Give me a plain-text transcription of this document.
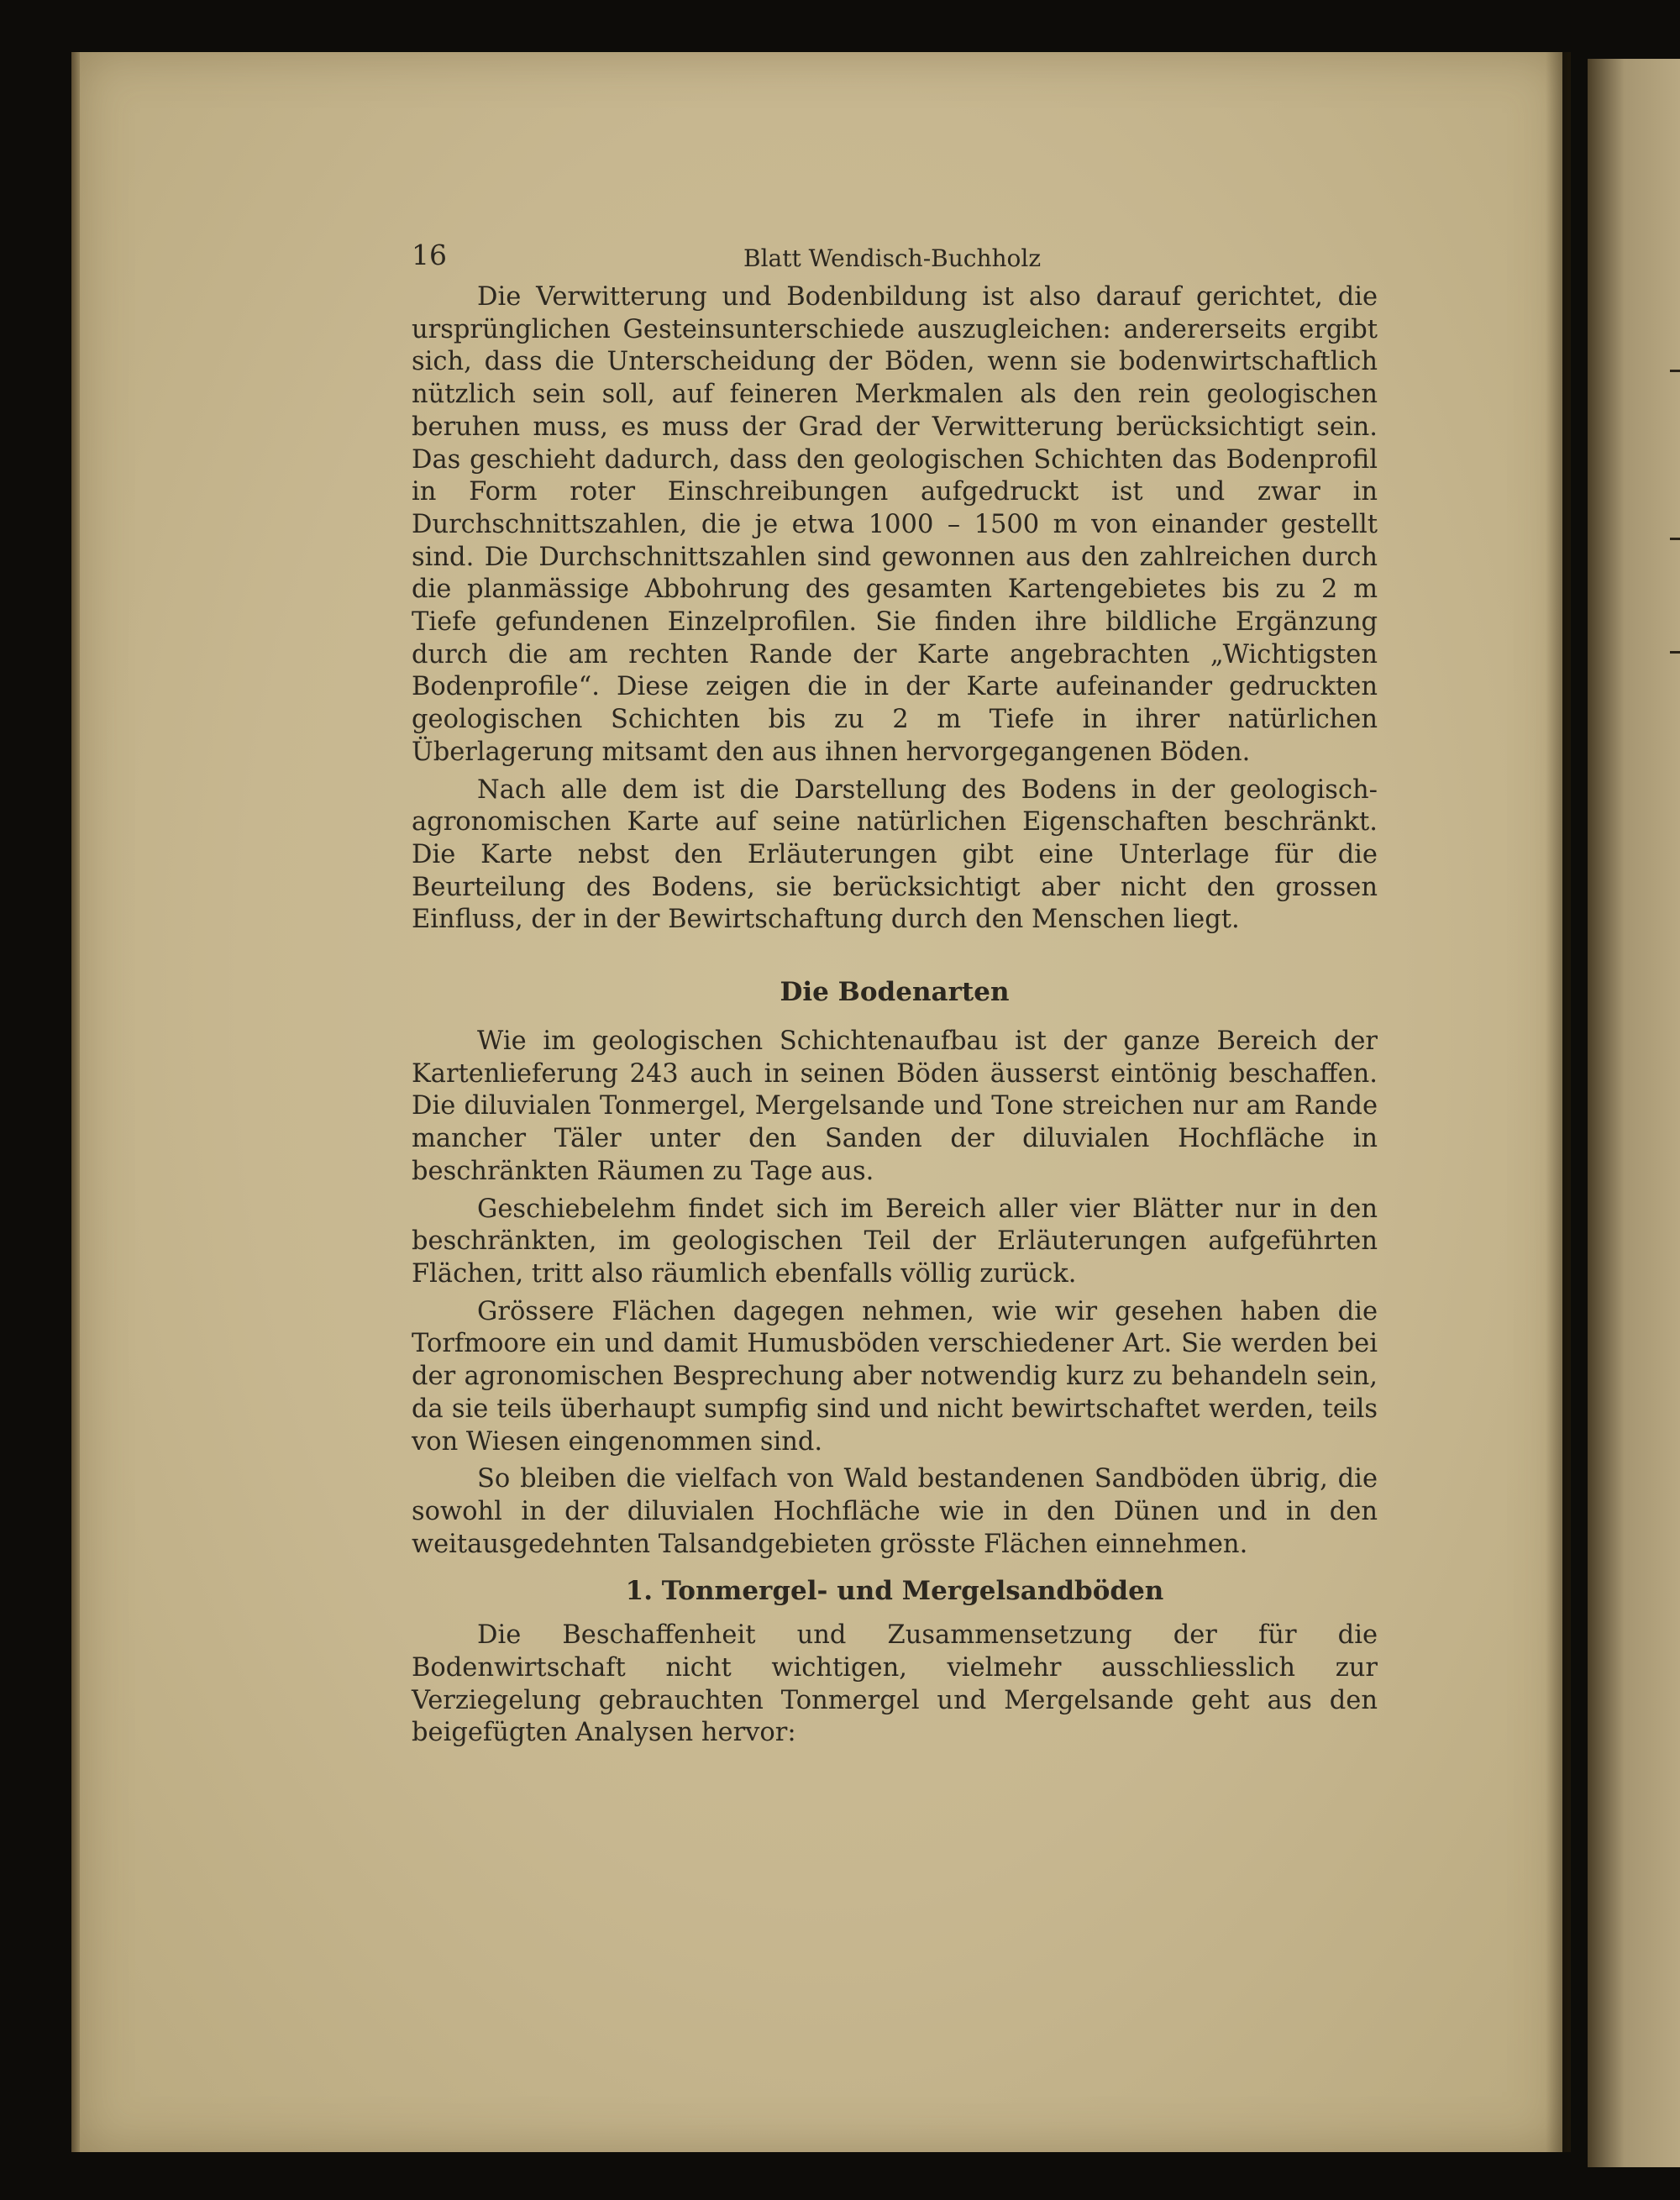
16	Blatt Wendisch-Buchholz

Die Verwitterung und Bodenbildung ist also darauf gerichtet, die ursprünglichen Gesteinsunterschiede auszugleichen: andererseits ergibt sich, dass die Unterscheidung der Böden, wenn sie bodenwirtschaftlich nützlich sein soll, auf feineren Merkmalen als den rein geologischen beruhen muss, es muss der Grad der Verwitterung berücksichtigt sein. Das geschieht dadurch, dass den geologischen Schichten das Bodenprofil in Form roter Einschreibungen aufgedruckt ist und zwar in Durchschnittszahlen, die je etwa 1000 – 1500 m von einander gestellt sind. Die Durchschnittszahlen sind gewonnen aus den zahlreichen durch die planmässige Abbohrung des gesamten Kartengebietes bis zu 2 m Tiefe gefundenen Einzelprofilen. Sie finden ihre bildliche Ergänzung durch die am rechten Rande der Karte angebrachten „Wichtigsten Bodenprofile“. Diese zeigen die in der Karte aufeinander gedruckten geologischen Schichten bis zu 2 m Tiefe in ihrer natürlichen Überlagerung mitsamt den aus ihnen hervorgegangenen Böden.

Nach alle dem ist die Darstellung des Bodens in der geologisch-agronomischen Karte auf seine natürlichen Eigenschaften beschränkt. Die Karte nebst den Erläuterungen gibt eine Unterlage für die Beurteilung des Bodens, sie berücksichtigt aber nicht den grossen Einfluss, der in der Bewirtschaftung durch den Menschen liegt.

Die Bodenarten

Wie im geologischen Schichtenaufbau ist der ganze Bereich der Kartenlieferung 243 auch in seinen Böden äusserst eintönig beschaffen. Die diluvialen Tonmergel, Mergelsande und Tone streichen nur am Rande mancher Täler unter den Sanden der diluvialen Hochfläche in beschränkten Räumen zu Tage aus.

Geschiebelehm findet sich im Bereich aller vier Blätter nur in den beschränkten, im geologischen Teil der Erläuterungen aufgeführten Flächen, tritt also räumlich ebenfalls völlig zurück.

Grössere Flächen dagegen nehmen, wie wir gesehen haben die Torfmoore ein und damit Humusböden verschiedener Art. Sie werden bei der agronomischen Besprechung aber notwendig kurz zu behandeln sein, da sie teils überhaupt sumpfig sind und nicht bewirtschaftet werden, teils von Wiesen eingenommen sind.

So bleiben die vielfach von Wald bestandenen Sandböden übrig, die sowohl in der diluvialen Hochfläche wie in den Dünen und in den weitausgedehnten Talsandgebieten grösste Flächen einnehmen.

1. Tonmergel- und Mergelsandböden

Die Beschaffenheit und Zusammensetzung der für die Bodenwirtschaft nicht wichtigen, vielmehr ausschliesslich zur Verziegelung gebrauchten Tonmergel und Mergelsande geht aus den beigefügten Analysen hervor:
